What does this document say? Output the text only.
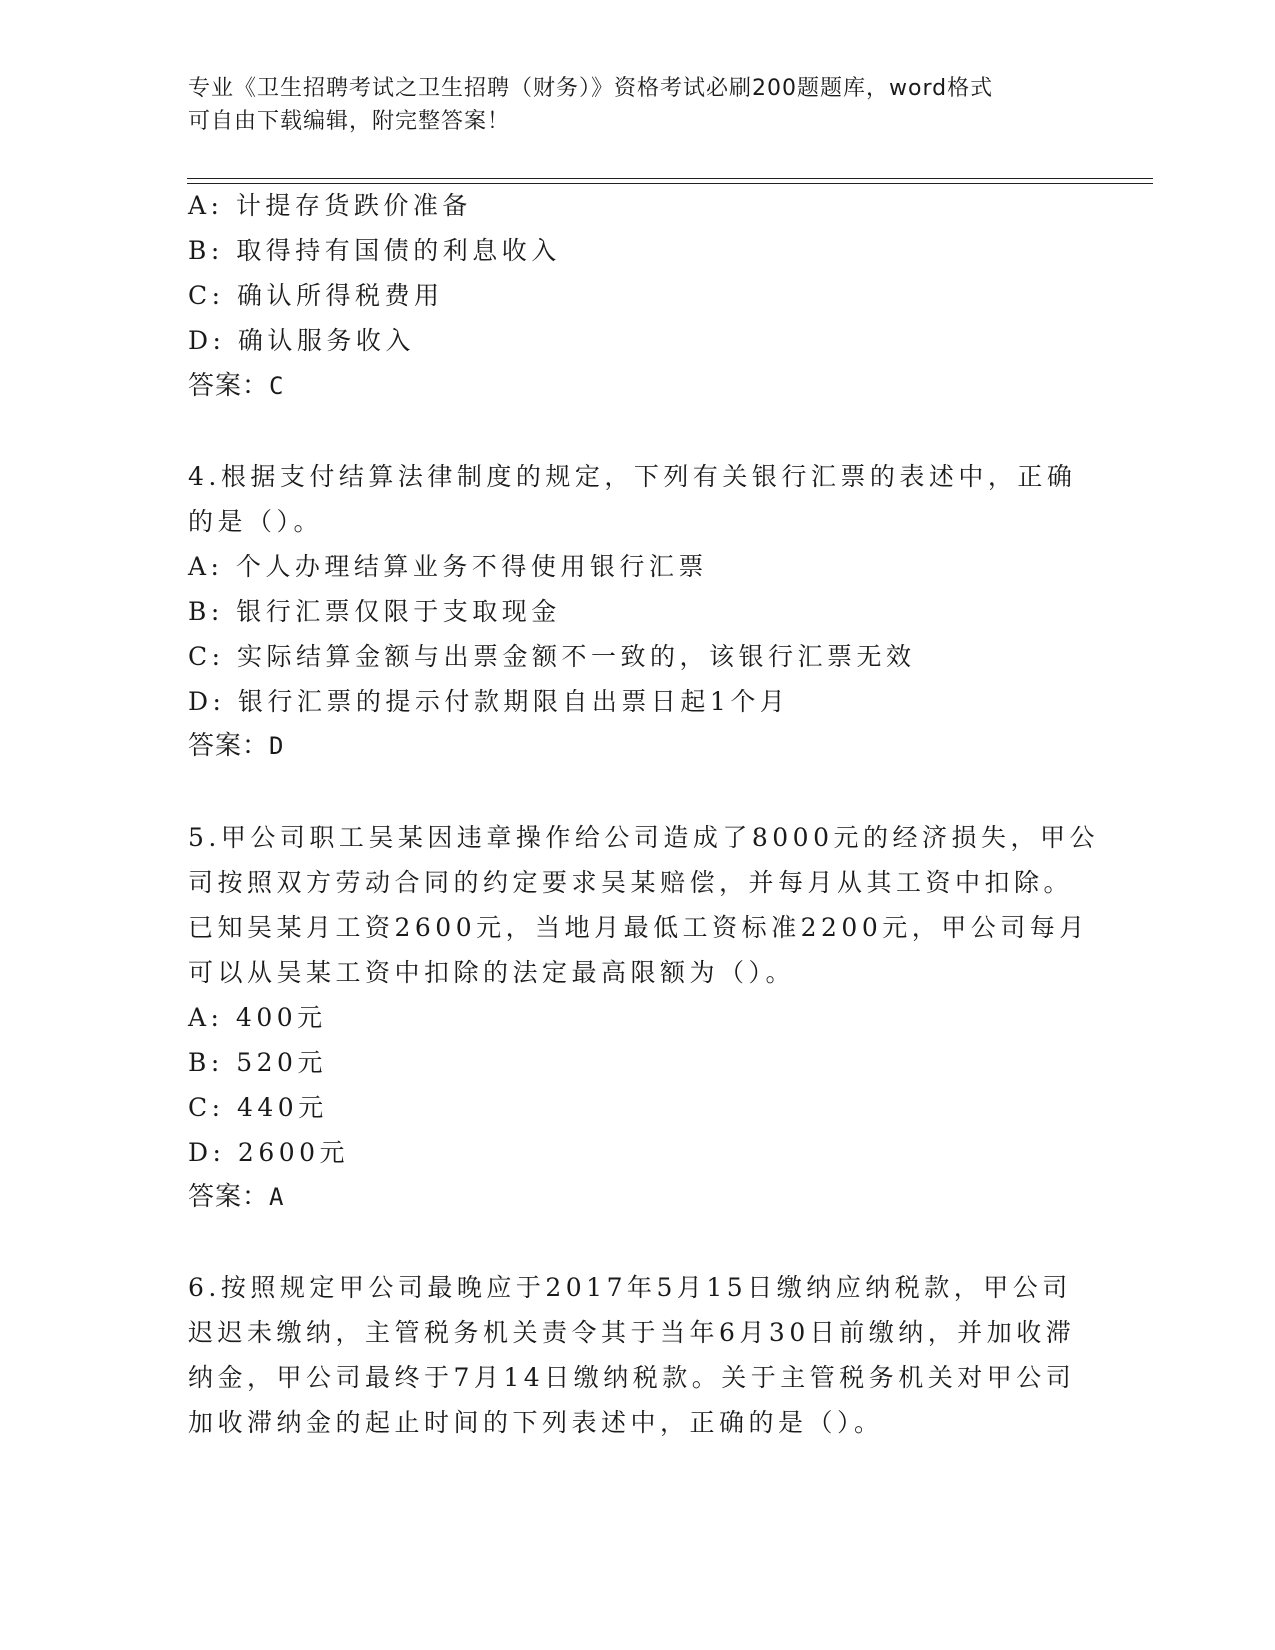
专业《卫生招聘考试之卫生招聘（财务）》资格考试必刷200题题库，word格式
可自由下载编辑，附完整答案！
A: 计提存货跌价准备
B: 取得持有国债的利息收入
C: 确认所得税费用
D: 确认服务收入
答案：C
4.根据支付结算法律制度的规定，下列有关银行汇票的表述中，正确
的是（）。
A: 个人办理结算业务不得使用银行汇票
B: 银行汇票仅限于支取现金
C: 实际结算金额与出票金额不一致的，该银行汇票无效
D: 银行汇票的提示付款期限自出票日起1个月
答案：D
5.甲公司职工吴某因违章操作给公司造成了8000元的经济损失，甲公
司按照双方劳动合同的约定要求吴某赔偿，并每月从其工资中扣除。
已知吴某月工资2600元，当地月最低工资标准2200元，甲公司每月
可以从吴某工资中扣除的法定最高限额为（）。
A: 400元
B: 520元
C: 440元
D: 2600元
答案：A
6.按照规定甲公司最晚应于2017年5月15日缴纳应纳税款，甲公司
迟迟未缴纳，主管税务机关责令其于当年6月30日前缴纳，并加收滞
纳金，甲公司最终于7月14日缴纳税款。关于主管税务机关对甲公司
加收滞纳金的起止时间的下列表述中，正确的是（）。
